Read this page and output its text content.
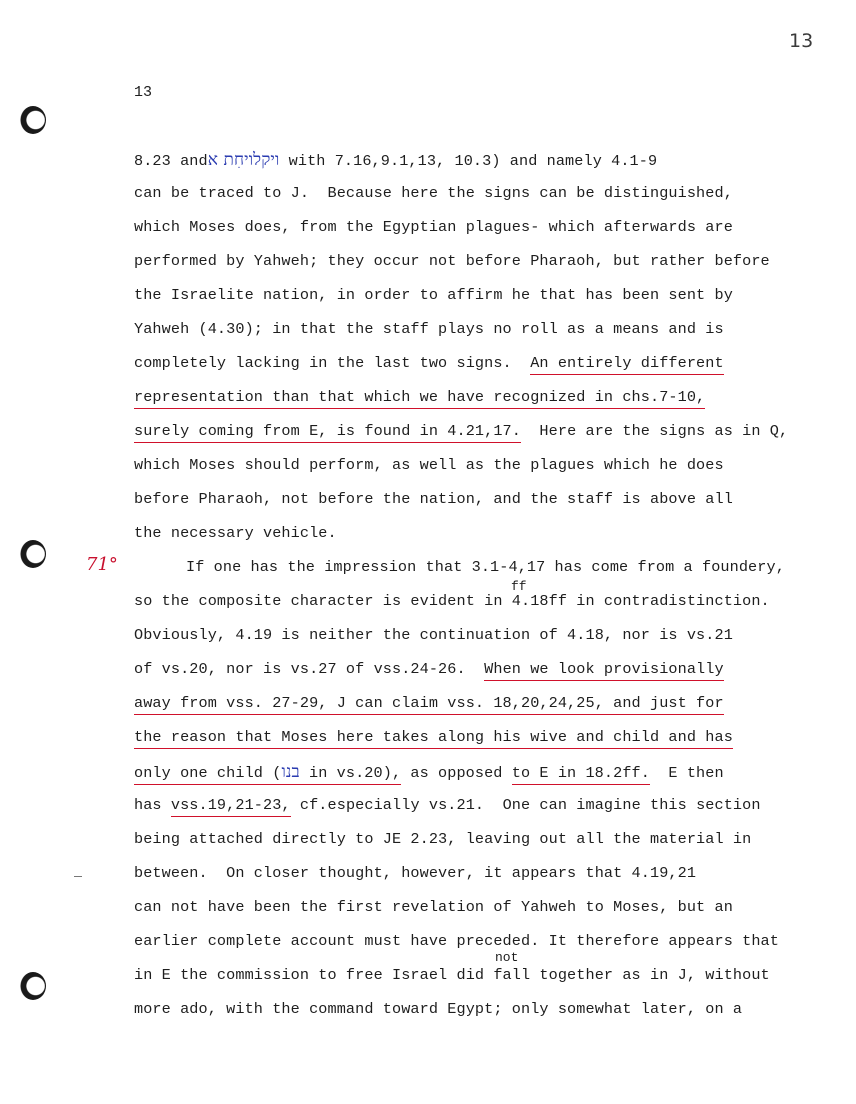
13
13
71°
8.23 andויקלויחִת א with 7.16,9.1,13, 10.3) and namely 4.1-9
can be traced to J.  Because here the signs can be distinguished,
which Moses does, from the Egyptian plagues- which afterwards are
performed by Yahweh; they occur not before Pharaoh, but rather before
the Israelite nation, in order to affirm he that has been sent by
Yahweh (4.30); in that the staff plays no roll as a means and is
completely lacking in the last two signs.  An entirely different
representation than that which we have recognized in chs.7-10,
surely coming from E, is found in 4.21,17.  Here are the signs as in Q,
which Moses should perform, as well as the plagues which he does
before Pharaoh, not before the nation, and the staff is above all
the necessary vehicle.
If one has the impression that 3.1-4,17 has come from a foundery,
ff
so the composite character is evident in 4.18ff in contradistinction.
Obviously, 4.19 is neither the continuation of 4.18, nor is vs.21
of vs.20, nor is vs.27 of vss.24-26.  When we look provisionally
away from vss. 27-29, J can claim vss. 18,20,24,25, and just for
the reason that Moses here takes along his wive and child and has
only one child (בנו in vs.20), as opposed to E in 18.2ff.  E then
has vss.19,21-23, cf.especially vs.21.  One can imagine this section
being attached directly to JE 2.23, leaving out all the material in
between.  On closer thought, however, it appears that 4.19,21
can not have been the first revelation of Yahweh to Moses, but an
earlier complete account must have preceded. It therefore appears that
not
in E the commission to free Israel did fall together as in J, without
more ado, with the command toward Egypt; only somewhat later, on a
